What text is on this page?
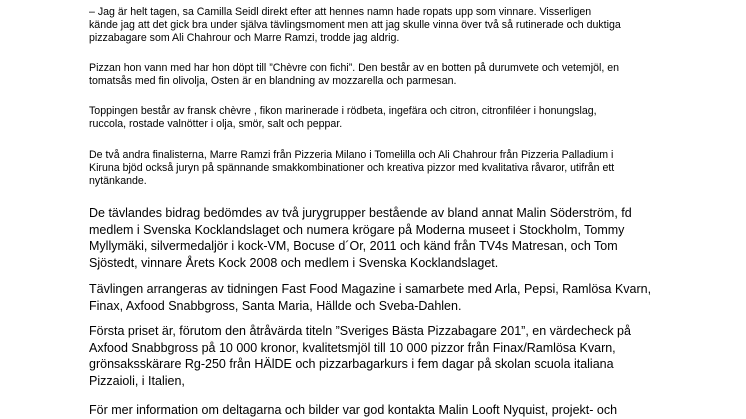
– Jag är helt tagen, sa Camilla Seidl direkt efter att hennes namn hade ropats upp som vinnare. Visserligen
kände jag att det gick bra under själva tävlingsmoment men att jag skulle vinna över två så rutinerade och duktiga
pizzabagare som Ali Chahrour och Marre Ramzi, trodde jag aldrig.

Pizzan hon vann med har hon döpt till ”Chèvre con fichi”. Den består av en botten på durumvete och vetemjöl, en
tomatsås med fin olivolja, Osten är en blandning av mozzarella och parmesan.

Toppingen består av fransk chèvre , fikon marinerade i rödbeta, ingefära och citron, citronfiléer i honungslag,
ruccola, rostade valnötter i olja, smör, salt och peppar.

De två andra finalisterna, Marre Ramzi från Pizzeria Milano i Tomelilla och Ali Chahrour från Pizzeria Palladium i
Kiruna bjöd också juryn på spännande smakkombinationer och kreativa pizzor med kvalitativa råvaror, utifrån ett
nytänkande.

De tävlandes bidrag bedömdes av två jurygrupper bestående av bland annat Malin Söderström, fd
medlem i Svenska Kocklandslaget och numera krögare på Moderna museet i Stockholm, Tommy
Myllymäki, silvermedaljör i kock-VM, Bocuse d´Or, 2011 och känd från TV4s Matresan, och Tom
Sjöstedt, vinnare Årets Kock 2008 och medlem i Svenska Kocklandslaget.

Tävlingen arrangeras av tidningen Fast Food Magazine i samarbete med Arla, Pepsi, Ramlösa Kvarn,
Finax, Axfood Snabbgross, Santa Maria, Hällde och Sveba-Dahlen.

Första priset är, förutom den åtråvärda titeln ”Sveriges Bästa Pizzabagare 201”, en värdecheck på
Axfood Snabbgross på 10 000 kronor, kvalitetsmjöl till 10 000 pizzor från Finax/Ramlösa Kvarn,
grönsaksskärare Rg-250 från HÄlDE och pizzarbagarkurs i fem dagar på skolan scuola italiana
Pizzaioli, i Italien,

För mer information om deltagarna och bilder var god kontakta Malin Looft Nyquist, projekt- och
